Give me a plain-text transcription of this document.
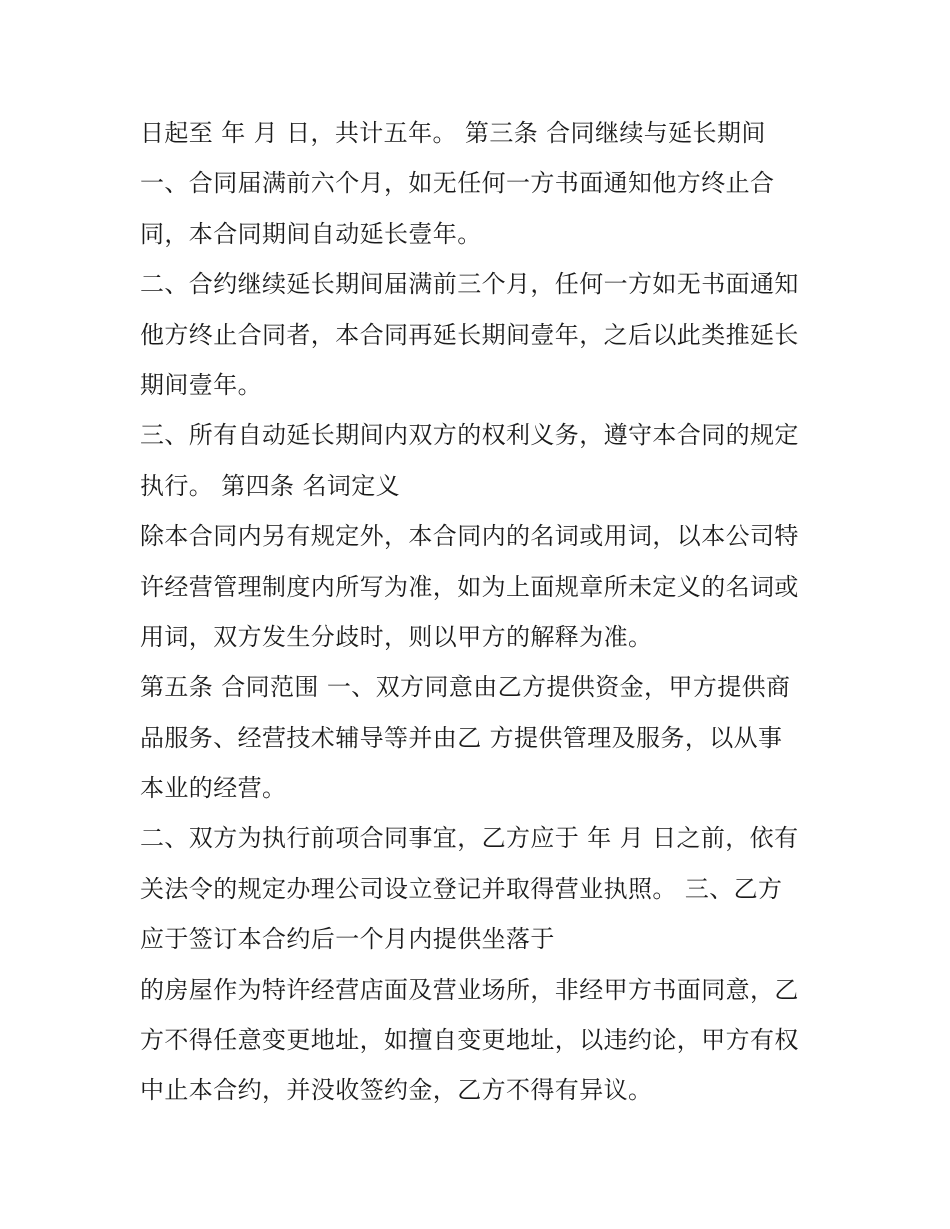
日起至 年 月 日，共计五年。 第三条 合同继续与延长期间
一、合同届满前六个月，如无任何一方书面通知他方终止合
同，本合同期间自动延长壹年。
二、合约继续延长期间届满前三个月，任何一方如无书面通知
他方终止合同者，本合同再延长期间壹年，之后以此类推延长
期间壹年。
三、所有自动延长期间内双方的权利义务，遵守本合同的规定
执行。 第四条 名词定义
除本合同内另有规定外，本合同内的名词或用词，以本公司特
许经营管理制度内所写为准，如为上面规章所未定义的名词或
用词，双方发生分歧时，则以甲方的解释为准。
第五条 合同范围 一、双方同意由乙方提供资金，甲方提供商
品服务、经营技术辅导等并由乙 方提供管理及服务，以从事
本业的经营。
二、双方为执行前项合同事宜，乙方应于 年 月 日之前，依有
关法令的规定办理公司设立登记并取得营业执照。 三、乙方
应于签订本合约后一个月内提供坐落于
的房屋作为特许经营店面及营业场所，非经甲方书面同意，乙
方不得任意变更地址，如擅自变更地址，以违约论，甲方有权
中止本合约，并没收签约金，乙方不得有异议。
